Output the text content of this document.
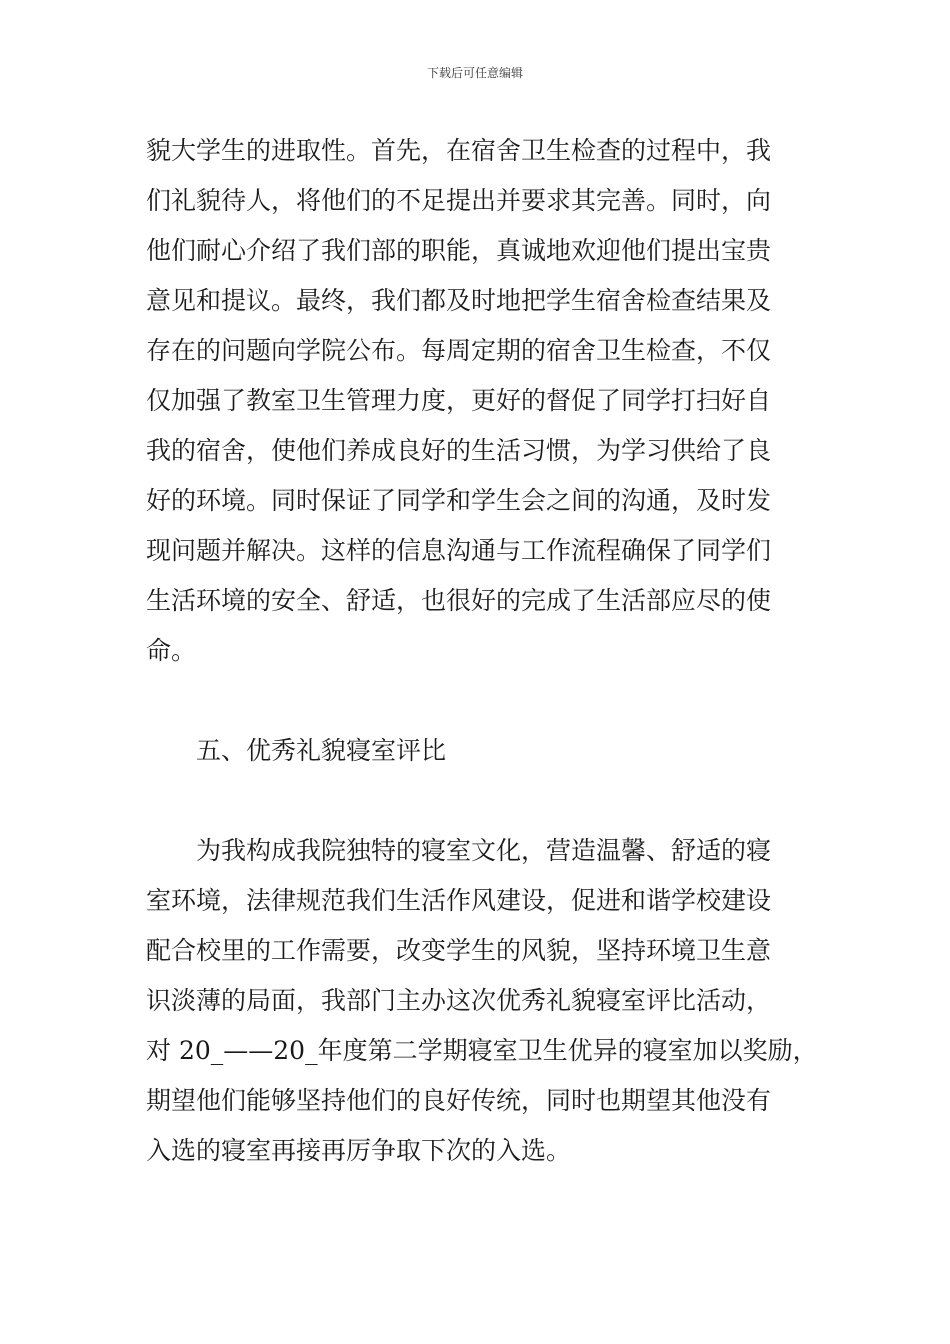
下载后可任意编辑
貌大学生的进取性。首先，在宿舍卫生检查的过程中，我
们礼貌待人，将他们的不足提出并要求其完善。同时，向
他们耐心介绍了我们部的职能，真诚地欢迎他们提出宝贵
意见和提议。最终，我们都及时地把学生宿舍检查结果及
存在的问题向学院公布。每周定期的宿舍卫生检查，不仅
仅加强了教室卫生管理力度，更好的督促了同学打扫好自
我的宿舍，使他们养成良好的生活习惯，为学习供给了良
好的环境。同时保证了同学和学生会之间的沟通，及时发
现问题并解决。这样的信息沟通与工作流程确保了同学们
生活环境的安全、舒适，也很好的完成了生活部应尽的使
命。
五、优秀礼貌寝室评比
为我构成我院独特的寝室文化，营造温馨、舒适的寝
室环境，法律规范我们生活作风建设，促进和谐学校建设
配合校里的工作需要，改变学生的风貌，坚持环境卫生意
识淡薄的局面，我部门主办这次优秀礼貌寝室评比活动，
对 20_——20_年度第二学期寝室卫生优异的寝室加以奖励，
期望他们能够坚持他们的良好传统，同时也期望其他没有
入选的寝室再接再厉争取下次的入选。
